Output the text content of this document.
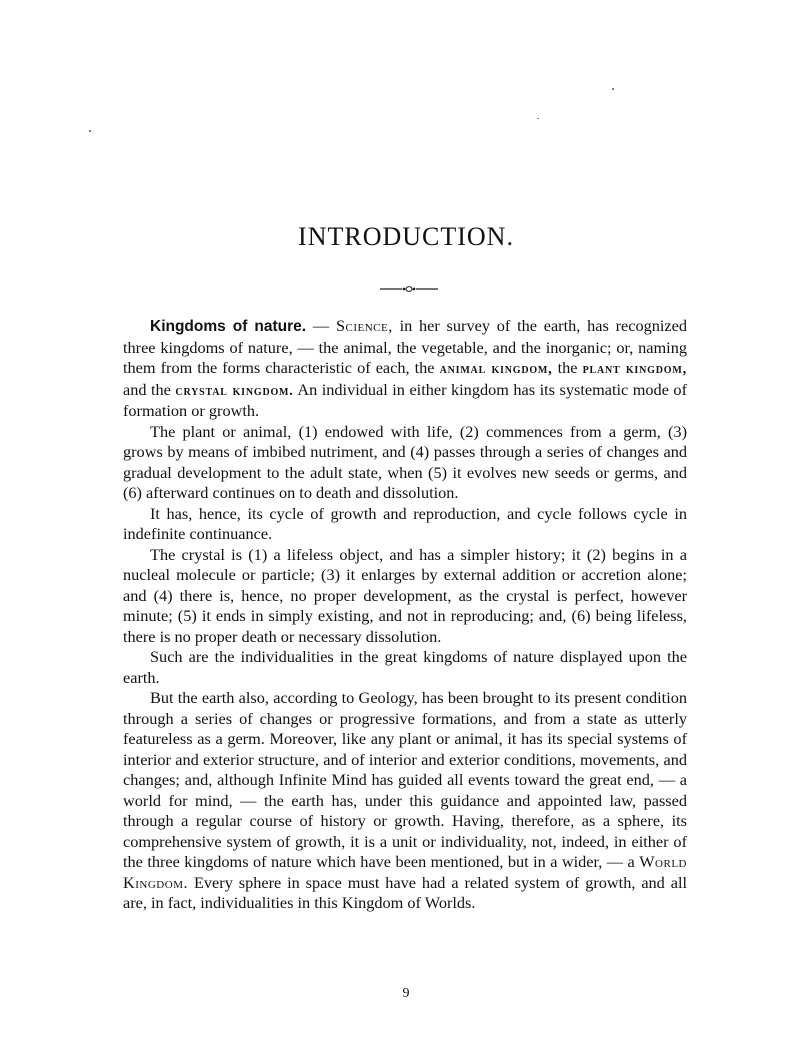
INTRODUCTION.

Kingdoms of nature. — Science, in her survey of the earth, has recognized three kingdoms of nature, — the animal, the vegetable, and the inorganic; or, naming them from the forms characteristic of each, the animal kingdom, the plant kingdom, and the crystal kingdom. An individual in either kingdom has its systematic mode of formation or growth.

The plant or animal, (1) endowed with life, (2) commences from a germ, (3) grows by means of imbibed nutriment, and (4) passes through a series of changes and gradual development to the adult state, when (5) it evolves new seeds or germs, and (6) afterward continues on to death and dissolution.

It has, hence, its cycle of growth and reproduction, and cycle follows cycle in indefinite continuance.

The crystal is (1) a lifeless object, and has a simpler history; it (2) begins in a nucleal molecule or particle; (3) it enlarges by external addition or accretion alone; and (4) there is, hence, no proper development, as the crystal is perfect, however minute; (5) it ends in simply existing, and not in reproducing; and, (6) being lifeless, there is no proper death or necessary dissolution.

Such are the individualities in the great kingdoms of nature displayed upon the earth.

But the earth also, according to Geology, has been brought to its present condition through a series of changes or progressive formations, and from a state as utterly featureless as a germ. Moreover, like any plant or animal, it has its special systems of interior and exterior structure, and of interior and exterior conditions, movements, and changes; and, although Infinite Mind has guided all events toward the great end, — a world for mind, — the earth has, under this guidance and appointed law, passed through a regular course of history or growth. Having, therefore, as a sphere, its comprehensive system of growth, it is a unit or individuality, not, indeed, in either of the three kingdoms of nature which have been mentioned, but in a wider, — a World Kingdom. Every sphere in space must have had a related system of growth, and all are, in fact, individualities in this Kingdom of Worlds.

9
